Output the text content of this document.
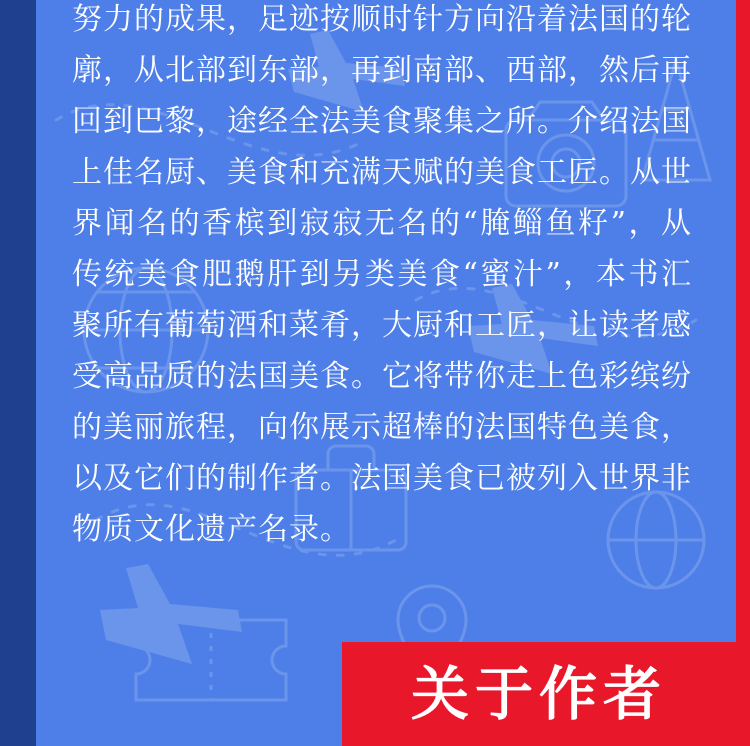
努力的成果，足迹按顺时针方向沿着法国的轮廓，从北部到东部，再到南部、西部，然后再回到巴黎，途经全法美食聚集之所。介绍法国上佳名厨、美食和充满天赋的美食工匠。从世界闻名的香槟到寂寂无名的“腌鲻鱼籽”，从传统美食肥鹅肝到另类美食“蜜汁”，本书汇聚所有葡萄酒和菜肴，大厨和工匠，让读者感受高品质的法国美食。它将带你走上色彩缤纷的美丽旅程，向你展示超棒的法国特色美食，以及它们的制作者。法国美食已被列入世界非物质文化遗产名录。
关于作者
